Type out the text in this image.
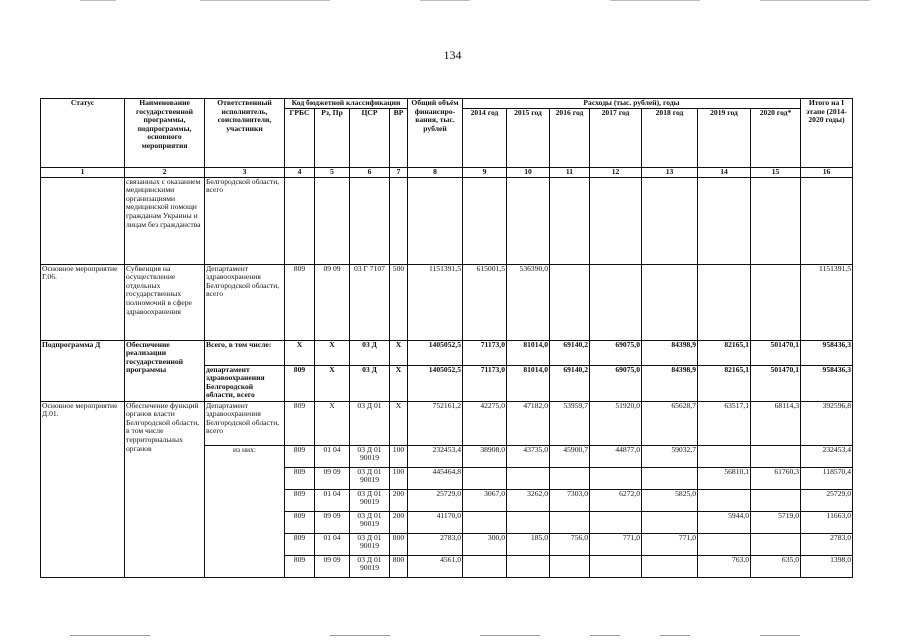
134
Статус	Наименование государственной программы, подпрограммы, основного мероприятия	Ответственный исполнитель, соисполнители, участники	Код бюджетной классификации				Общий объём финансиро-вания, тыс. рублей	Расходы (тыс. рублей), годы							Итого на I этапе (2014-2020 годы)
			ГРБС	Рз, Пр	ЦСР	ВР		2014 год	2015 год	2016 год	2017 год	2018 год	2019 год	2020 год*	
1	2	3	4	5	6	7	8	9	10	11	12	13	14	15	16
	связанных с оказанием медицинскими организациями медицинской помощи гражданам Украины и лицам без гражданства	Белгородской области, всего													
Основное мероприятие Г.06.	Субвенция на осуществление отдельных государственных полномочий в сфере здравоохранения	Департамент здравоохранения Белгородской области, всего	809	09 09	03 Г 7107	500	1151391,5	615001,5	536390,0						1151391,5
Подпрограмма Д	Обеспечение реализации государственной программы	Всего, в том числе:	Х	Х	03 Д	Х	1405052,5	71173,0	81014,0	69140,2	69075,0	84398,9	82165,1	501470,1	958436,3
		департамент здравоохранения Белгородской области, всего	809	Х	03 Д	Х	1405052,5	71173,0	81014,0	69140,2	69075,0	84398,9	82165,1	501470,1	958436,3
Основное мероприятие Д.01.	Обеспечение функций органов власти Белгородской области, в том числе территориальных органов	Департамент здравоохранения Белгородской области, всего	809	Х	03 Д 01	Х	752161,2	42275,0	47182,0	53959,7	51920,0	65628,7	63517,1	68114,3	392596,8
		из них:	809	01 04	03 Д 01 90019	100	232453,4	38908,0	43735,0	45900,7	44877,0	59032,7			232453,4
			809	09 09	03 Д 01 90019	100	445464,8						56810,1	61760,3	118570,4
			809	01 04	03 Д 01 90019	200	25729,0	3067,0	3262,0	7303,0	6272,0	5825,0			25729,0
			809	09 09	03 Д 01 90019	200	41170,0						5944,0	5719,0	11663,0
			809	01 04	03 Д 01 90019	800	2783,0	300,0	185,0	756,0	771,0	771,0			2783,0
			809	09 09	03 Д 01 90019	800	4561,0						763,0	635,0	1398,0
